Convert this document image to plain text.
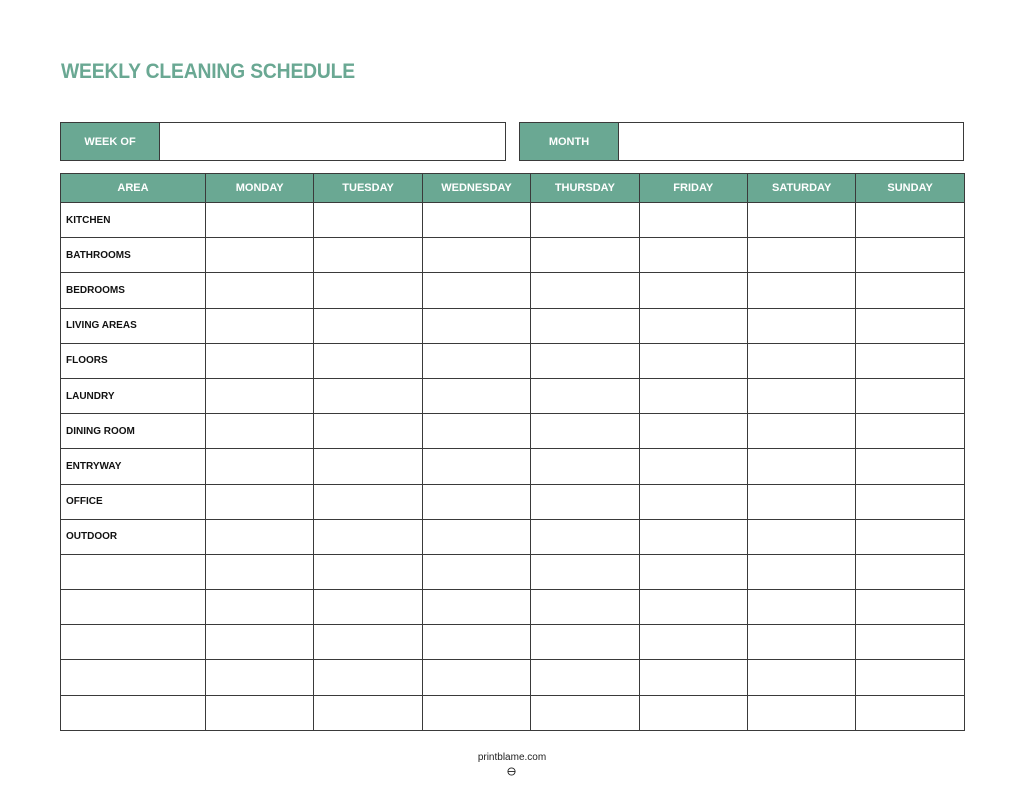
WEEKLY CLEANING SCHEDULE
WEEK OF	MONTH
AREA	MONDAY	TUESDAY	WEDNESDAY	THURSDAY	FRIDAY	SATURDAY	SUNDAY
KITCHEN							
BATHROOMS							
BEDROOMS							
LIVING AREAS							
FLOORS							
LAUNDRY							
DINING ROOM							
ENTRYWAY							
OFFICE							
OUTDOOR							

printblame.com
